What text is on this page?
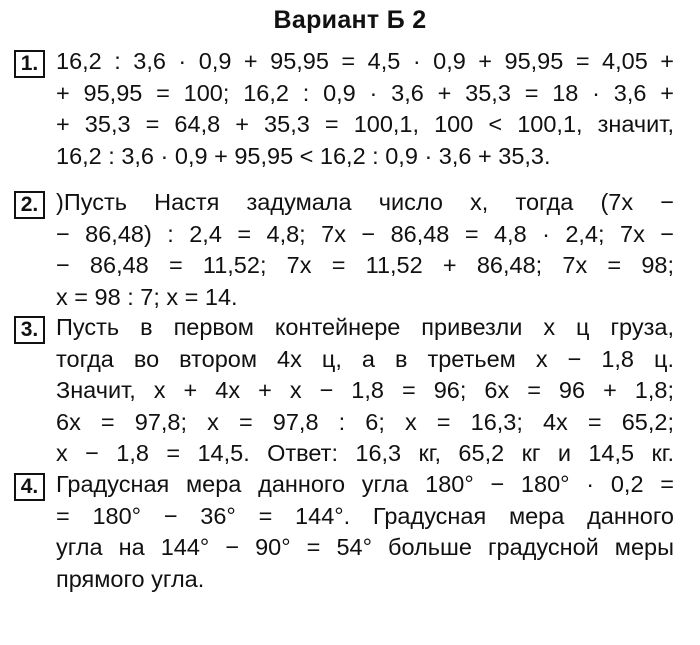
Вариант Б 2
1. 16,2 : 3,6 · 0,9 + 95,95 = 4,5 · 0,9 + 95,95 = 4,05 +
+ 95,95 = 100; 16,2 : 0,9 · 3,6 + 35,3 = 18 · 3,6 +
+ 35,3 = 64,8 + 35,3 = 100,1, 100 < 100,1, значит,
16,2 : 3,6 · 0,9 + 95,95 < 16,2 : 0,9 · 3,6 + 35,3.
2. )Пусть Настя задумала число x, тогда (7x −
− 86,48) : 2,4 = 4,8; 7x − 86,48 = 4,8 · 2,4; 7x −
− 86,48 = 11,52; 7x = 11,52 + 86,48; 7x = 98;
x = 98 : 7; x = 14.
3. Пусть в первом контейнере привезли x ц груза,
тогда во втором 4x ц, а в третьем x − 1,8 ц.
Значит, x + 4x + x − 1,8 = 96; 6x = 96 + 1,8;
6x = 97,8; x = 97,8 : 6; x = 16,3; 4x = 65,2;
x − 1,8 = 14,5. Ответ: 16,3 кг, 65,2 кг и 14,5 кг.
4. Градусная мера данного угла 180° − 180° · 0,2 =
= 180° − 36° = 144°. Градусная мера данного
угла на 144° − 90° = 54° больше градусной меры
прямого угла.
